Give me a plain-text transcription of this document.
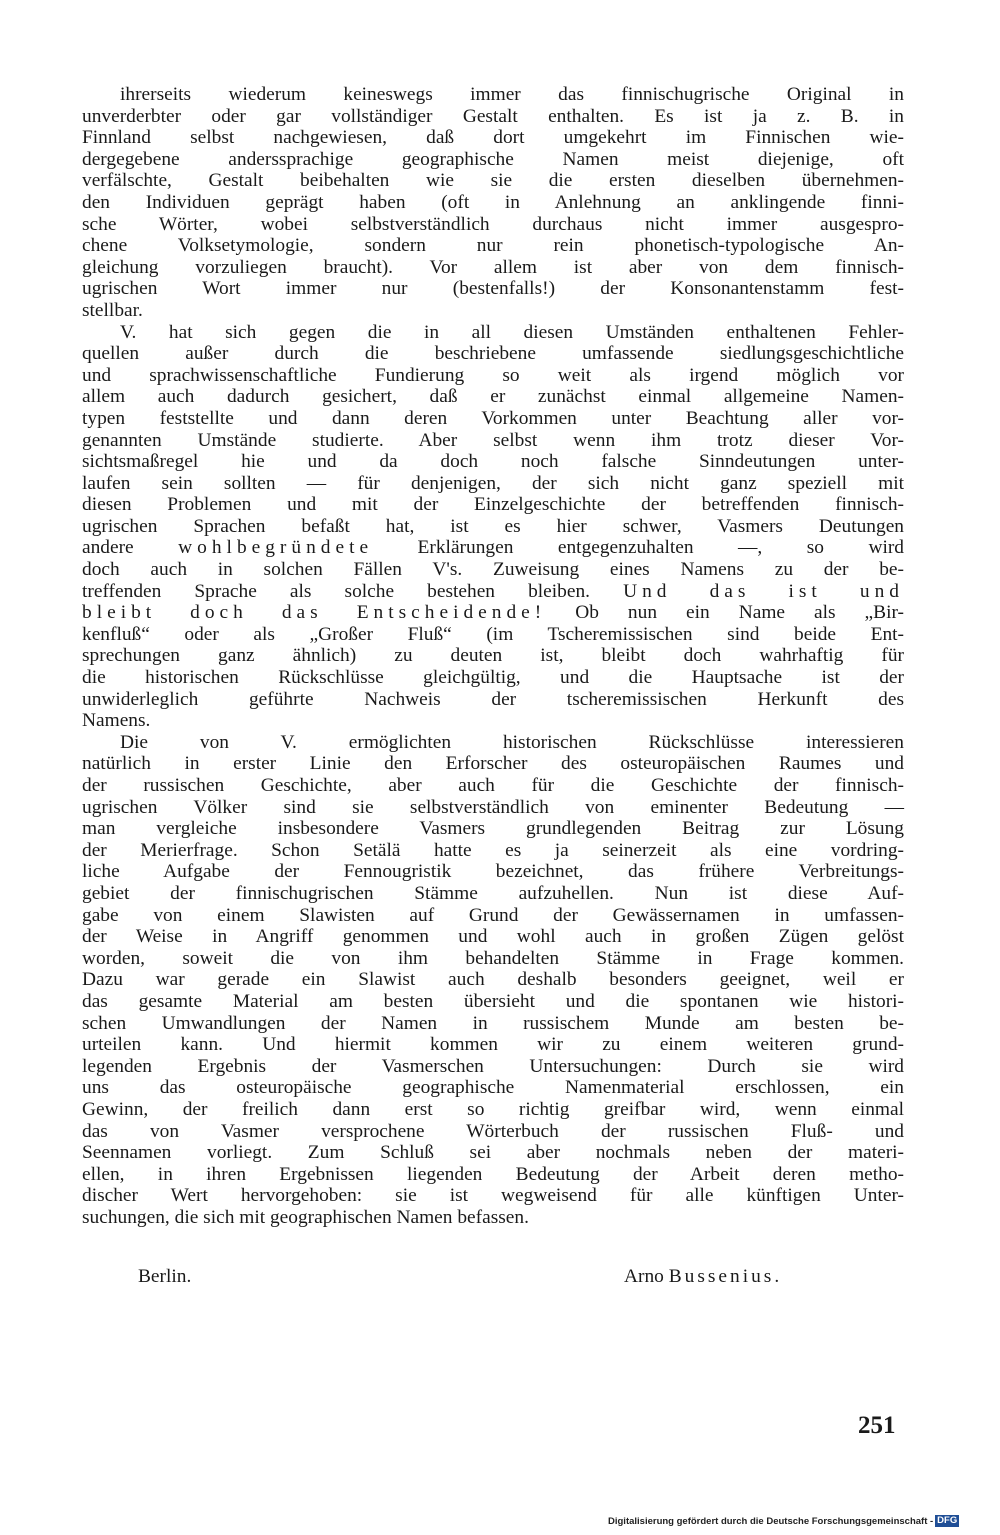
ihrerseits wiederum keineswegs immer das finnischugrische Original in
unverderbter oder gar vollständiger Gestalt enthalten. Es ist ja z. B. in
Finnland selbst nachgewiesen, daß dort umgekehrt im Finnischen wie-
dergegebene anderssprachige geographische Namen meist diejenige, oft
verfälschte, Gestalt beibehalten wie sie die ersten dieselben übernehmen-
den Individuen geprägt haben (oft in Anlehnung an anklingende finni-
sche Wörter, wobei selbstverständlich durchaus nicht immer ausgespro-
chene Volksetymologie, sondern nur rein phonetisch-typologische An-
gleichung vorzuliegen braucht). Vor allem ist aber von dem finnisch-
ugrischen Wort immer nur (bestenfalls!) der Konsonantenstamm fest-
stellbar.
V. hat sich gegen die in all diesen Umständen enthaltenen Fehler-
quellen außer durch die beschriebene umfassende siedlungsgeschichtliche
und sprachwissenschaftliche Fundierung so weit als irgend möglich vor
allem auch dadurch gesichert, daß er zunächst einmal allgemeine Namen-
typen feststellte und dann deren Vorkommen unter Beachtung aller vor-
genannten Umstände studierte. Aber selbst wenn ihm trotz dieser Vor-
sichtsmaßregel hie und da doch noch falsche Sinndeutungen unter-
laufen sein sollten — für denjenigen, der sich nicht ganz speziell mit
diesen Problemen und mit der Einzelgeschichte der betreffenden finnisch-
ugrischen Sprachen befaßt hat, ist es hier schwer, Vasmers Deutungen
andere wohlbegründete Erklärungen entgegenzuhalten —, so wird
doch auch in solchen Fällen V's. Zuweisung eines Namens zu der be-
treffenden Sprache als solche bestehen bleiben. Und das ist und
bleibt doch das Entscheidende! Ob nun ein Name als „Bir-
kenfluß“ oder als „Großer Fluß“ (im Tscheremissischen sind beide Ent-
sprechungen ganz ähnlich) zu deuten ist, bleibt doch wahrhaftig für
die historischen Rückschlüsse gleichgültig, und die Hauptsache ist der
unwiderleglich geführte Nachweis der tscheremissischen Herkunft des
Namens.
Die von V. ermöglichten historischen Rückschlüsse interessieren
natürlich in erster Linie den Erforscher des osteuropäischen Raumes und
der russischen Geschichte, aber auch für die Geschichte der finnisch-
ugrischen Völker sind sie selbstverständlich von eminenter Bedeutung —
man vergleiche insbesondere Vasmers grundlegenden Beitrag zur Lösung
der Merierfrage. Schon Setälä hatte es ja seinerzeit als eine vordring-
liche Aufgabe der Fennougristik bezeichnet, das frühere Verbreitungs-
gebiet der finnischugrischen Stämme aufzuhellen. Nun ist diese Auf-
gabe von einem Slawisten auf Grund der Gewässernamen in umfassen-
der Weise in Angriff genommen und wohl auch in großen Zügen gelöst
worden, soweit die von ihm behandelten Stämme in Frage kommen.
Dazu war gerade ein Slawist auch deshalb besonders geeignet, weil er
das gesamte Material am besten übersieht und die spontanen wie histori-
schen Umwandlungen der Namen in russischem Munde am besten be-
urteilen kann. Und hiermit kommen wir zu einem weiteren grund-
legenden Ergebnis der Vasmerschen Untersuchungen: Durch sie wird
uns das osteuropäische geographische Namenmaterial erschlossen, ein
Gewinn, der freilich dann erst so richtig greifbar wird, wenn einmal
das von Vasmer versprochene Wörterbuch der russischen Fluß- und
Seennamen vorliegt. Zum Schluß sei aber nochmals neben der materi-
ellen, in ihren Ergebnissen liegenden Bedeutung der Arbeit deren metho-
discher Wert hervorgehoben: sie ist wegweisend für alle künftigen Unter-
suchungen, die sich mit geographischen Namen befassen.
Berlin.	Arno Bussenius.
251
Digitalisierung gefördert durch die Deutsche Forschungsgemeinschaft - DFG
